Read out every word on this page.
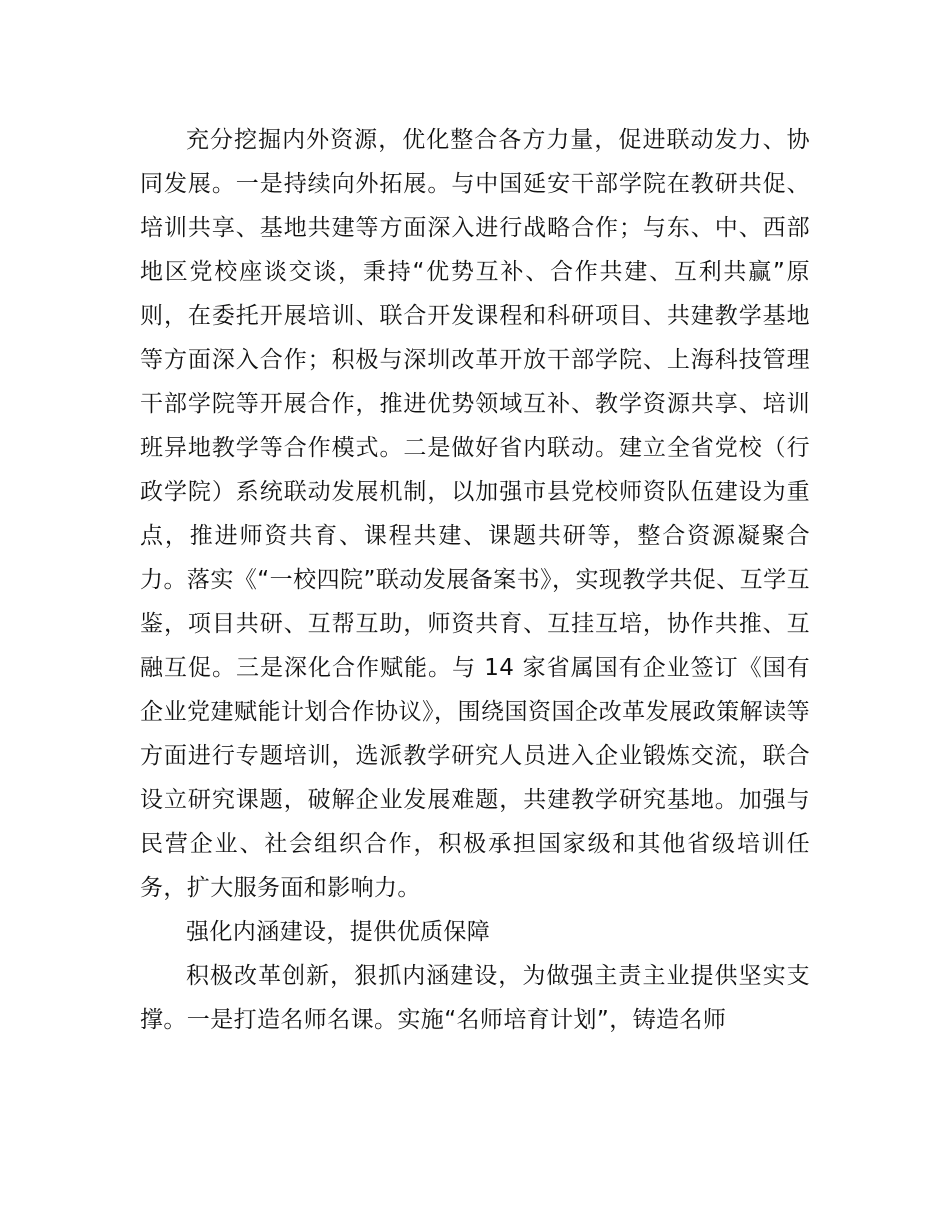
充分挖掘内外资源，优化整合各方力量，促进联动发力、协同发展。一是持续向外拓展。与中国延安干部学院在教研共促、培训共享、基地共建等方面深入进行战略合作；与东、中、西部地区党校座谈交谈，秉持“优势互补、合作共建、互利共赢”原则，在委托开展培训、联合开发课程和科研项目、共建教学基地等方面深入合作；积极与深圳改革开放干部学院、上海科技管理干部学院等开展合作，推进优势领域互补、教学资源共享、培训班异地教学等合作模式。二是做好省内联动。建立全省党校（行政学院）系统联动发展机制，以加强市县党校师资队伍建设为重点，推进师资共育、课程共建、课题共研等，整合资源凝聚合力。落实《“一校四院”联动发展备案书》，实现教学共促、互学互鉴，项目共研、互帮互助，师资共育、互挂互培，协作共推、互融互促。三是深化合作赋能。与 14 家省属国有企业签订《国有企业党建赋能计划合作协议》，围绕国资国企改革发展政策解读等方面进行专题培训，选派教学研究人员进入企业锻炼交流，联合设立研究课题，破解企业发展难题，共建教学研究基地。加强与民营企业、社会组织合作，积极承担国家级和其他省级培训任务，扩大服务面和影响力。

强化内涵建设，提供优质保障

积极改革创新，狠抓内涵建设，为做强主责主业提供坚实支撑。一是打造名师名课。实施“名师培育计划”，铸造名师
